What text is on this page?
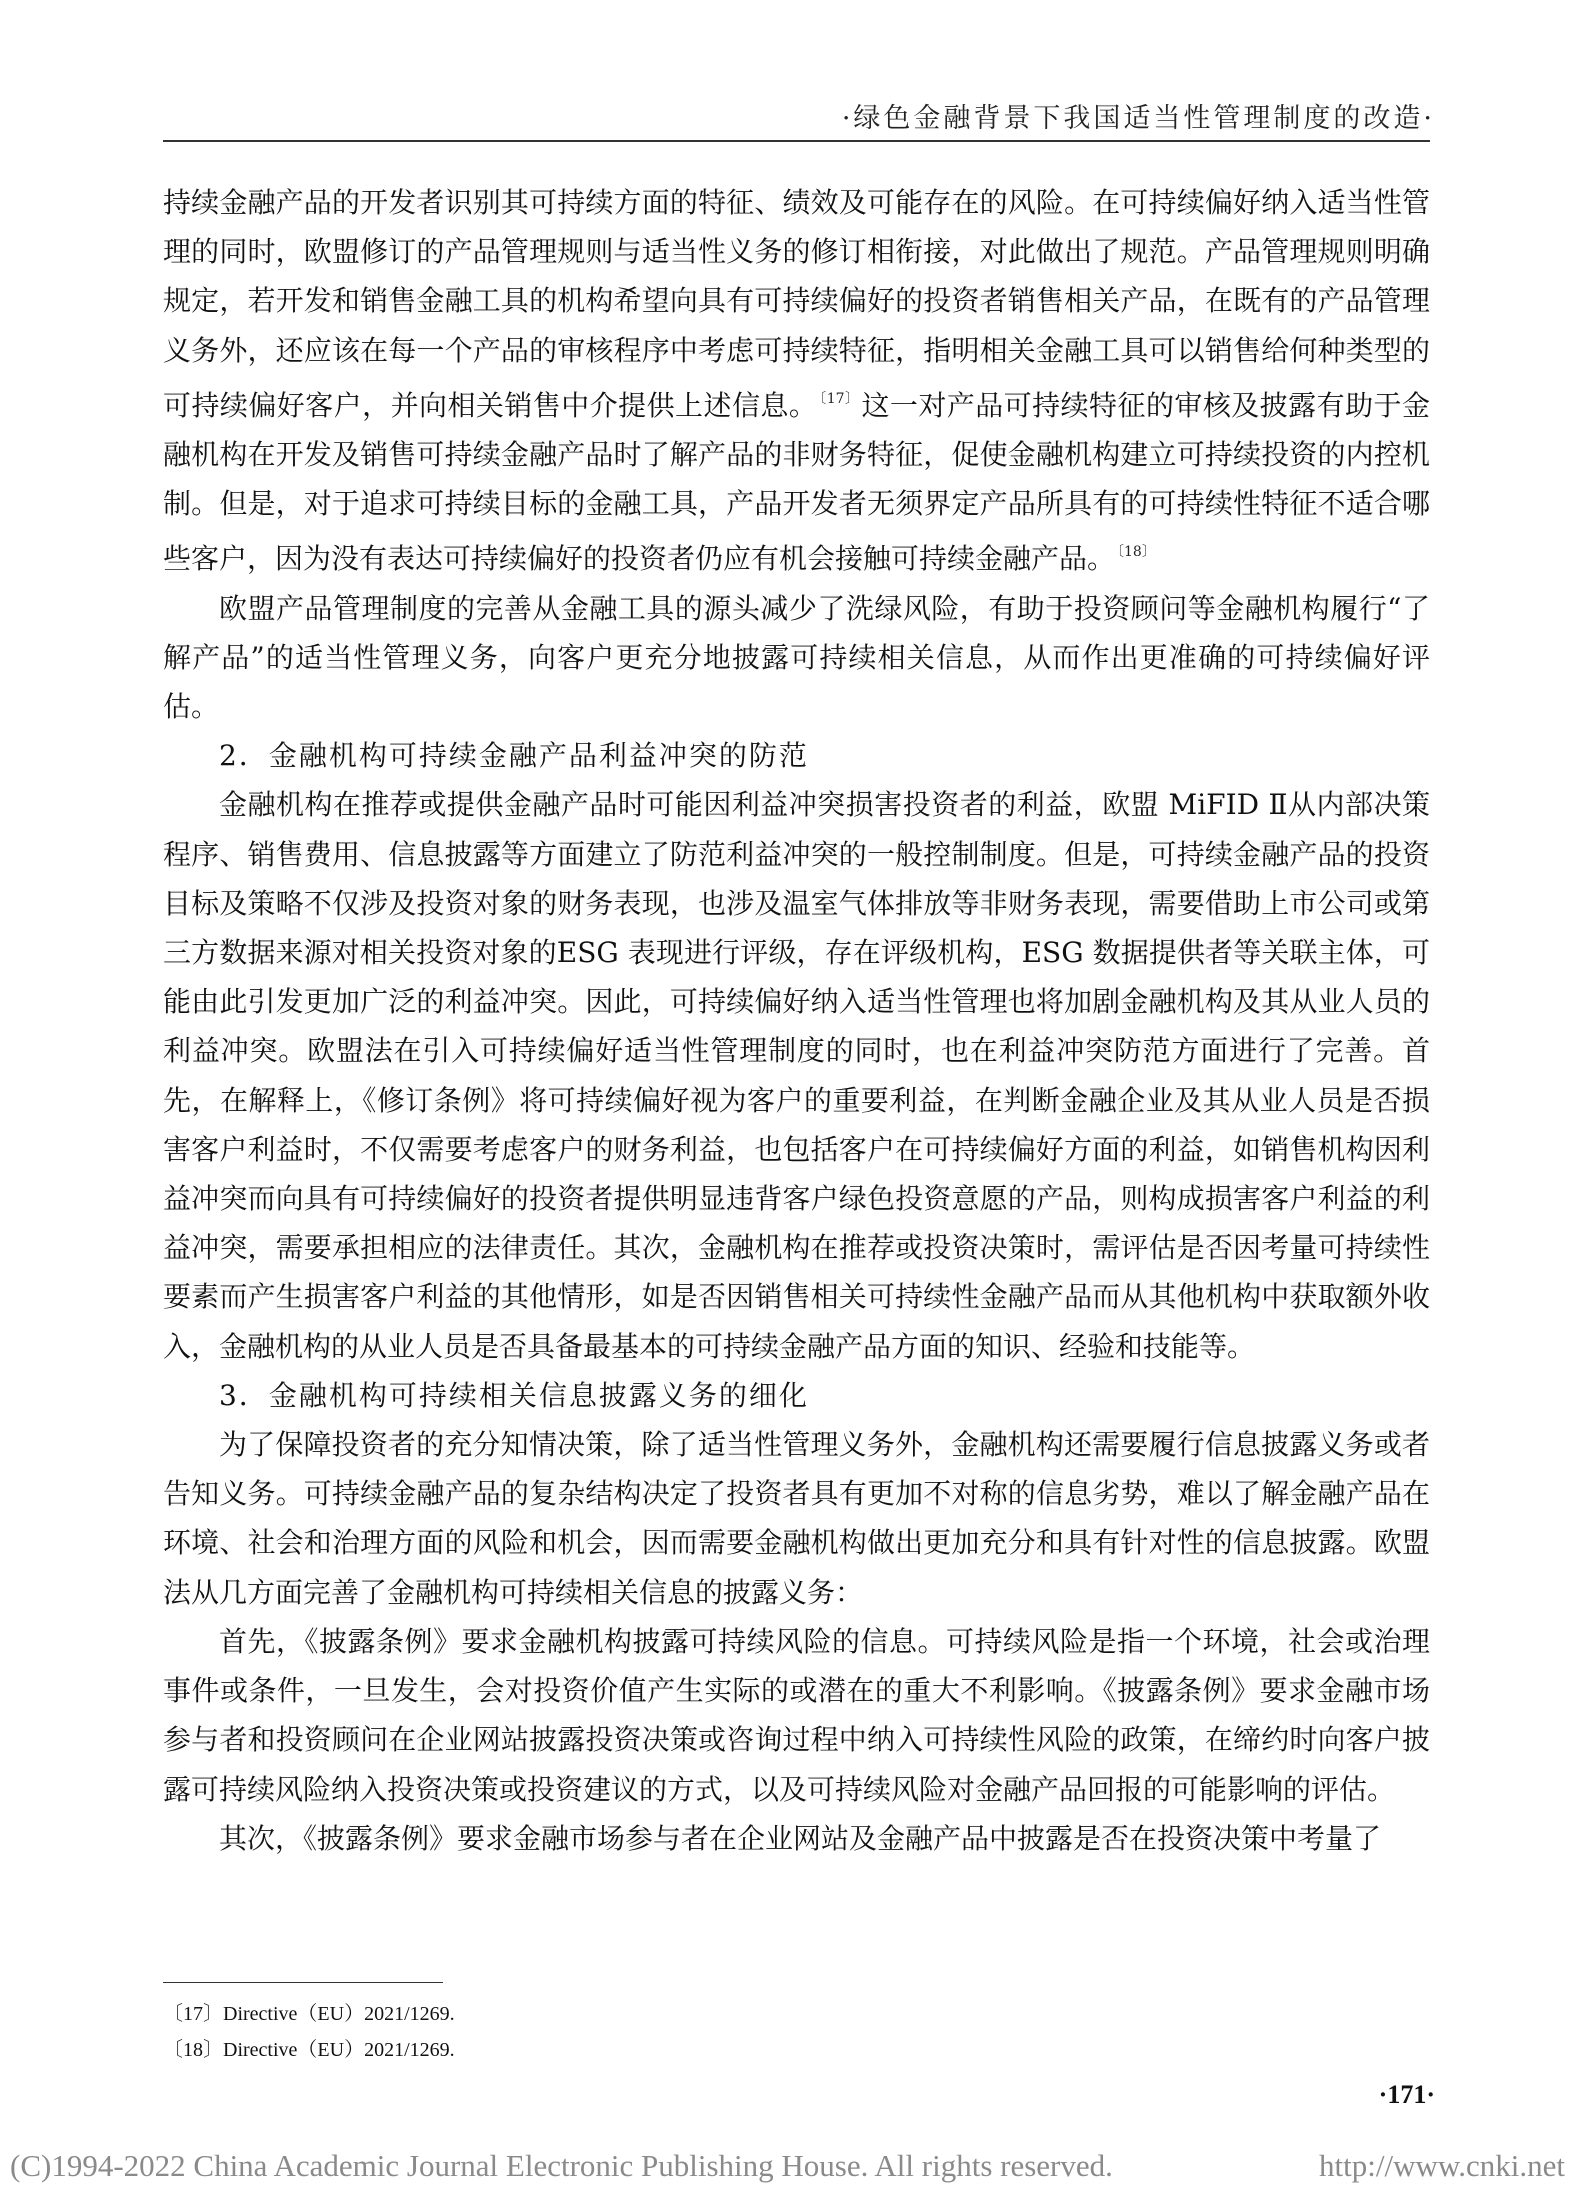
·绿色金融背景下我国适当性管理制度的改造·

持续金融产品的开发者识别其可持续方面的特征、绩效及可能存在的风险。在可持续偏好纳入适当性管理的同时，欧盟修订的产品管理规则与适当性义务的修订相衔接，对此做出了规范。产品管理规则明确规定，若开发和销售金融工具的机构希望向具有可持续偏好的投资者销售相关产品，在既有的产品管理义务外，还应该在每一个产品的审核程序中考虑可持续特征，指明相关金融工具可以销售给何种类型的可持续偏好客户，并向相关销售中介提供上述信息。 $^{〔17〕}$这一对产品可持续特征的审核及披露有助于金融机构在开发及销售可持续金融产品时了解产品的非财务特征，促使金融机构建立可持续投资的内控机制。但是，对于追求可持续目标的金融工具，产品开发者无须界定产品所具有的可持续性特征不适合哪些客户，因为没有表达可持续偏好的投资者仍应有机会接触可持续金融产品。 $^{〔18〕}$

欧盟产品管理制度的完善从金融工具的源头减少了洗绿风险，有助于投资顾问等金融机构履行“了解产品”的适当性管理义务，向客户更充分地披露可持续相关信息，从而作出更准确的可持续偏好评估。

2．金融机构可持续金融产品利益冲突的防范

金融机构在推荐或提供金融产品时可能因利益冲突损害投资者的利益，欧盟 MiFID Ⅱ从内部决策程序、销售费用、信息披露等方面建立了防范利益冲突的一般控制制度。但是，可持续金融产品的投资目标及策略不仅涉及投资对象的财务表现，也涉及温室气体排放等非财务表现，需要借助上市公司或第三方数据来源对相关投资对象的ESG 表现进行评级，存在评级机构，ESG 数据提供者等关联主体，可能由此引发更加广泛的利益冲突。因此，可持续偏好纳入适当性管理也将加剧金融机构及其从业人员的利益冲突。欧盟法在引入可持续偏好适当性管理制度的同时，也在利益冲突防范方面进行了完善。首先，在解释上，《修订条例》将可持续偏好视为客户的重要利益，在判断金融企业及其从业人员是否损害客户利益时，不仅需要考虑客户的财务利益，也包括客户在可持续偏好方面的利益，如销售机构因利益冲突而向具有可持续偏好的投资者提供明显违背客户绿色投资意愿的产品，则构成损害客户利益的利益冲突，需要承担相应的法律责任。其次，金融机构在推荐或投资决策时，需评估是否因考量可持续性要素而产生损害客户利益的其他情形，如是否因销售相关可持续性金融产品而从其他机构中获取额外收入，金融机构的从业人员是否具备最基本的可持续金融产品方面的知识、经验和技能等。

3．金融机构可持续相关信息披露义务的细化

为了保障投资者的充分知情决策，除了适当性管理义务外，金融机构还需要履行信息披露义务或者告知义务。可持续金融产品的复杂结构决定了投资者具有更加不对称的信息劣势，难以了解金融产品在环境、社会和治理方面的风险和机会，因而需要金融机构做出更加充分和具有针对性的信息披露。欧盟法从几方面完善了金融机构可持续相关信息的披露义务：

首先，《披露条例》要求金融机构披露可持续风险的信息。可持续风险是指一个环境，社会或治理事件或条件，一旦发生，会对投资价值产生实际的或潜在的重大不利影响。《披露条例》要求金融市场参与者和投资顾问在企业网站披露投资决策或咨询过程中纳入可持续性风险的政策，在缔约时向客户披露可持续风险纳入投资决策或投资建议的方式，以及可持续风险对金融产品回报的可能影响的评估。

其次，《披露条例》要求金融市场参与者在企业网站及金融产品中披露是否在投资决策中考量了

〔17〕Directive（EU）2021/1269.
〔18〕Directive（EU）2021/1269.
·171·
(C)1994-2022 China Academic Journal Electronic Publishing House. All rights reserved.	http://www.cnki.net
